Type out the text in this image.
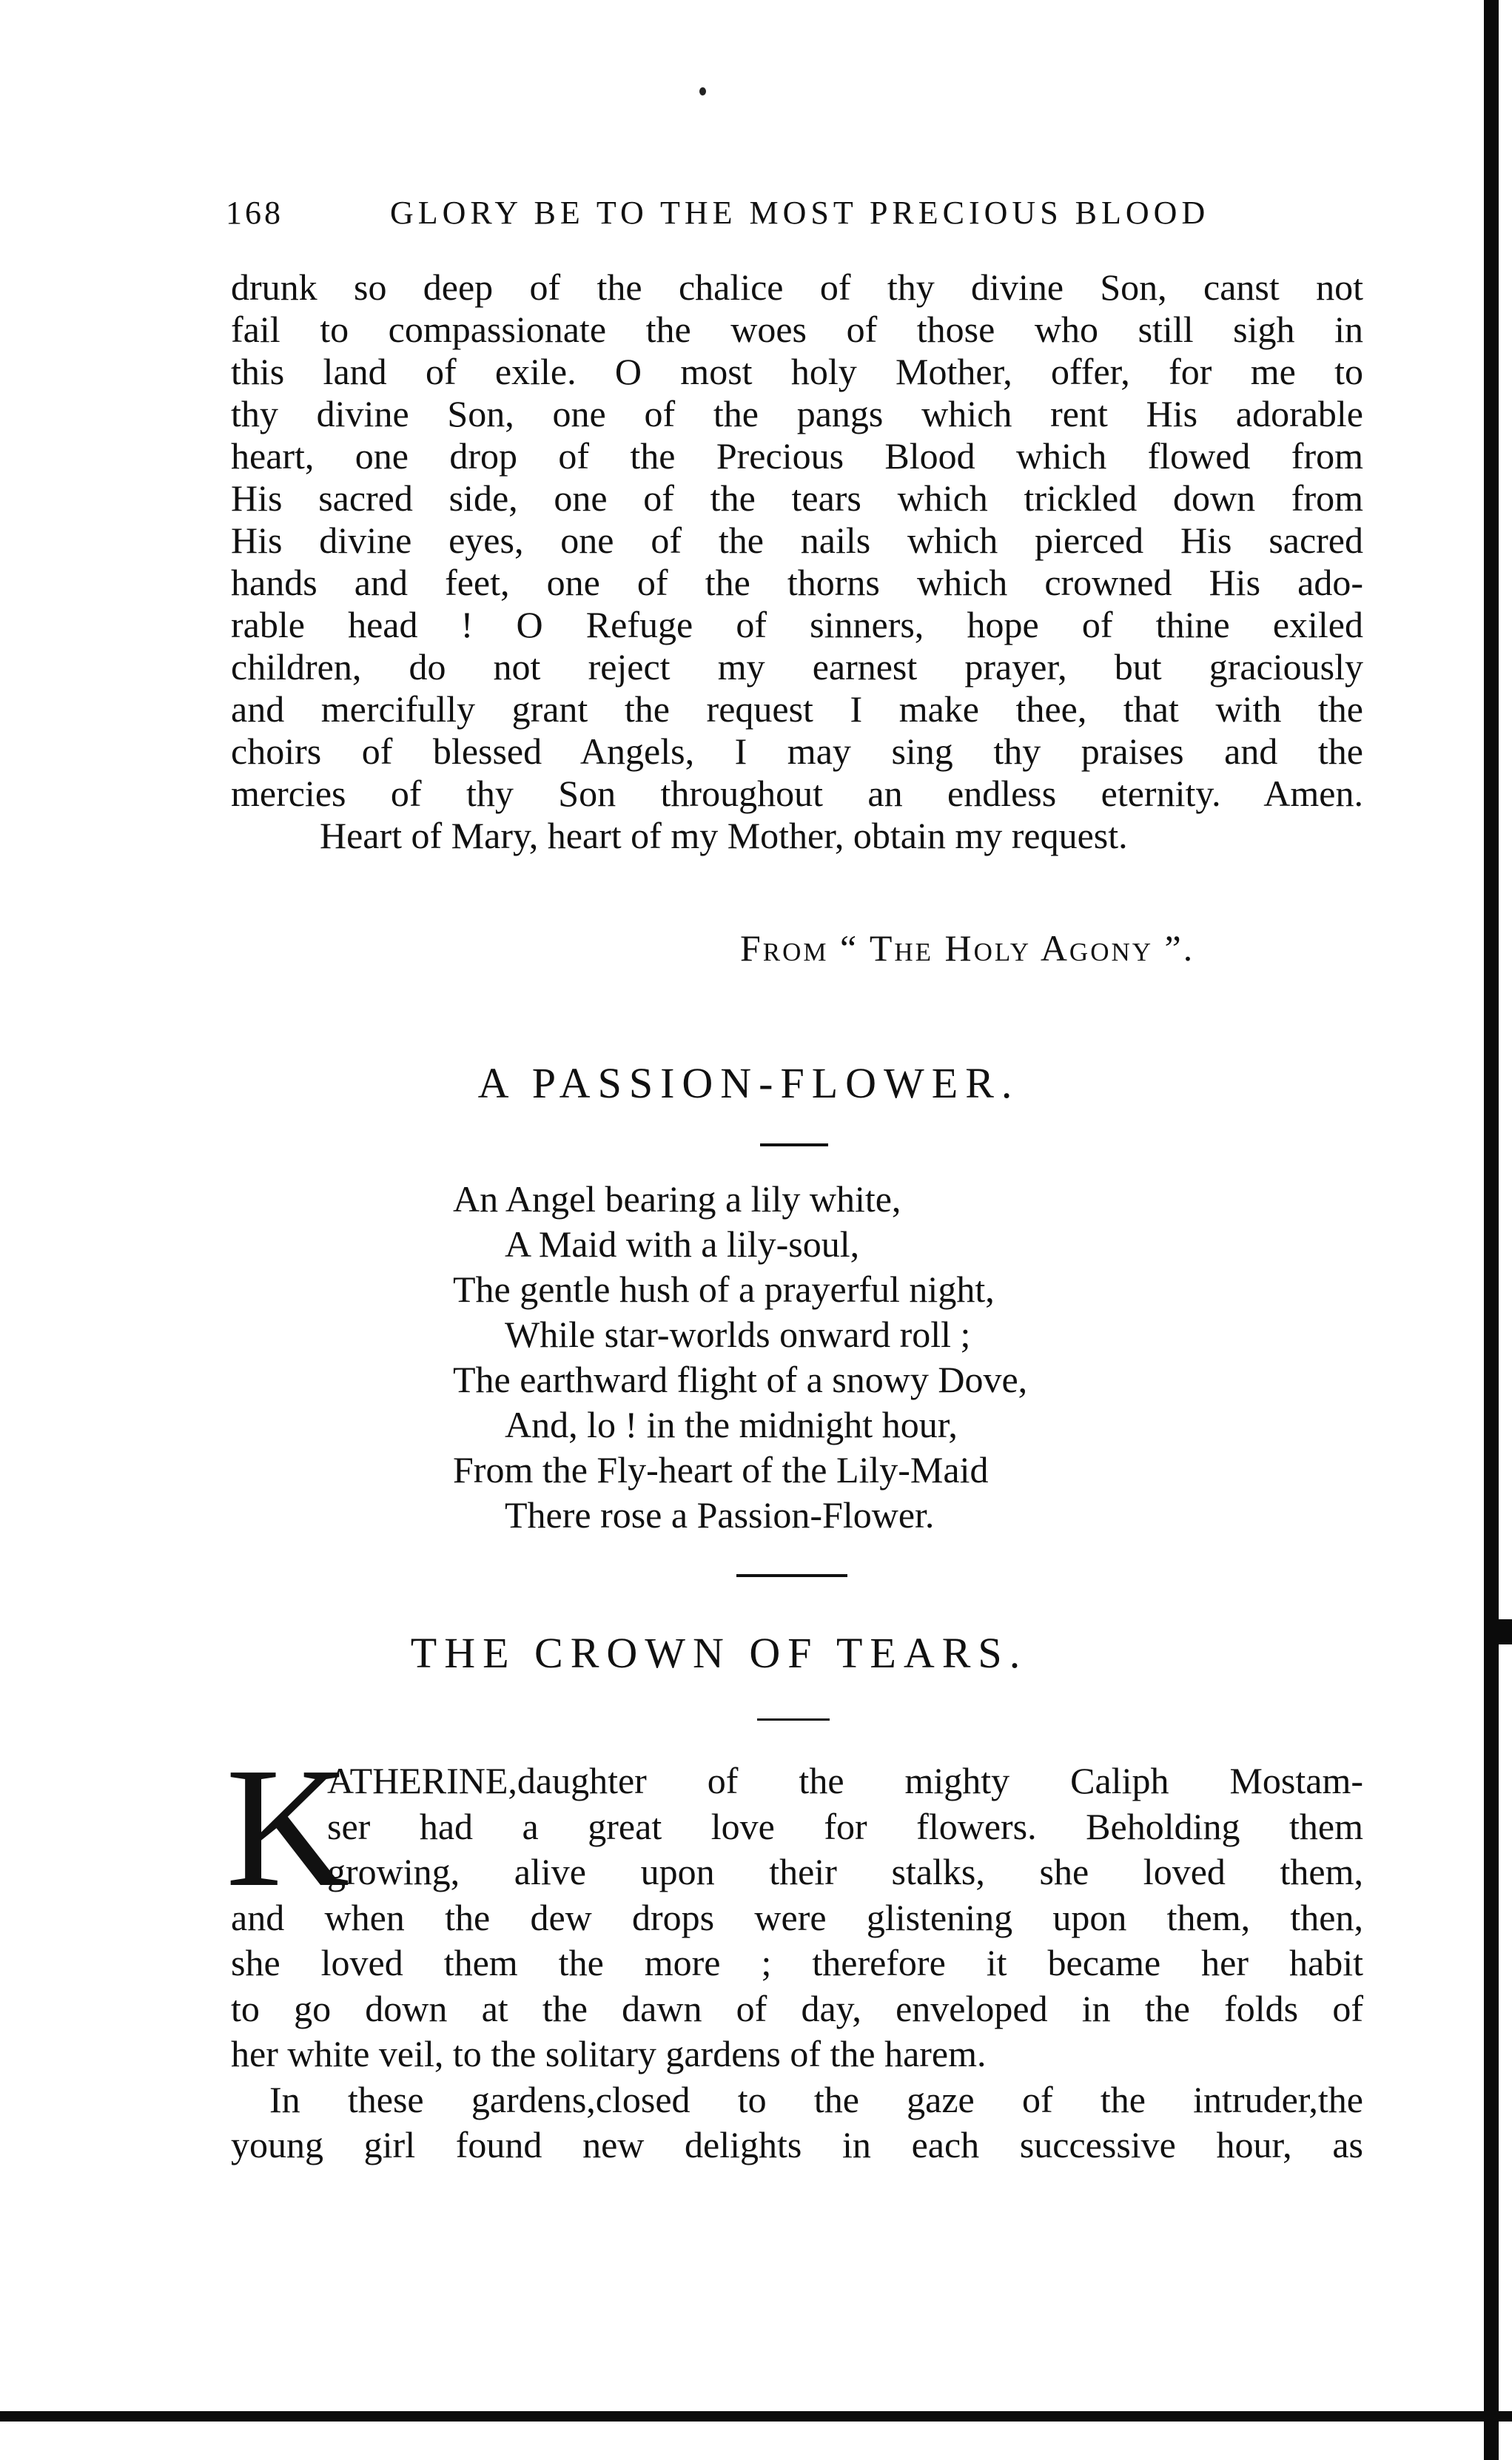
168	GLORY BE TO THE MOST PRECIOUS BLOOD
drunk so deep of the chalice of thy divine Son, canst not
fail to compassionate the woes of those who still sigh in
this land of exile. O most holy Mother, offer, for me to
thy divine Son, one of the pangs which rent His adorable
heart, one drop of the Precious Blood which flowed from
His sacred side, one of the tears which trickled down from
His divine eyes, one of the nails which pierced His sacred
hands and feet, one of the thorns which crowned His ado-
rable head ! O Refuge of sinners, hope of thine exiled
children, do not reject my earnest prayer, but graciously
and mercifully grant the request I make thee, that with the
choirs of blessed Angels, I may sing thy praises and the
mercies of thy Son throughout an endless eternity. Amen.
Heart of Mary, heart of my Mother, obtain my request.
From “ The Holy Agony ”.
A PASSION-FLOWER.
An Angel bearing a lily white,
A Maid with a lily-soul,
The gentle hush of a prayerful night,
While star-worlds onward roll ;
The earthward flight of a snowy Dove,
And, lo ! in the midnight hour,
From the Fly-heart of the Lily-Maid
There rose a Passion-Flower.
THE CROWN OF TEARS.
K
ATHERINE,daughter of the mighty Caliph Mostam-
ser had a great love for flowers. Beholding them
growing, alive upon their stalks, she loved them,
and when the dew drops were glistening upon them, then,
she loved them the more ; therefore it became her habit
to go down at the dawn of day, enveloped in the folds of
her white veil, to the solitary gardens of the harem.
In these gardens,closed to the gaze of the intruder,the
young girl found new delights in each successive hour, as
